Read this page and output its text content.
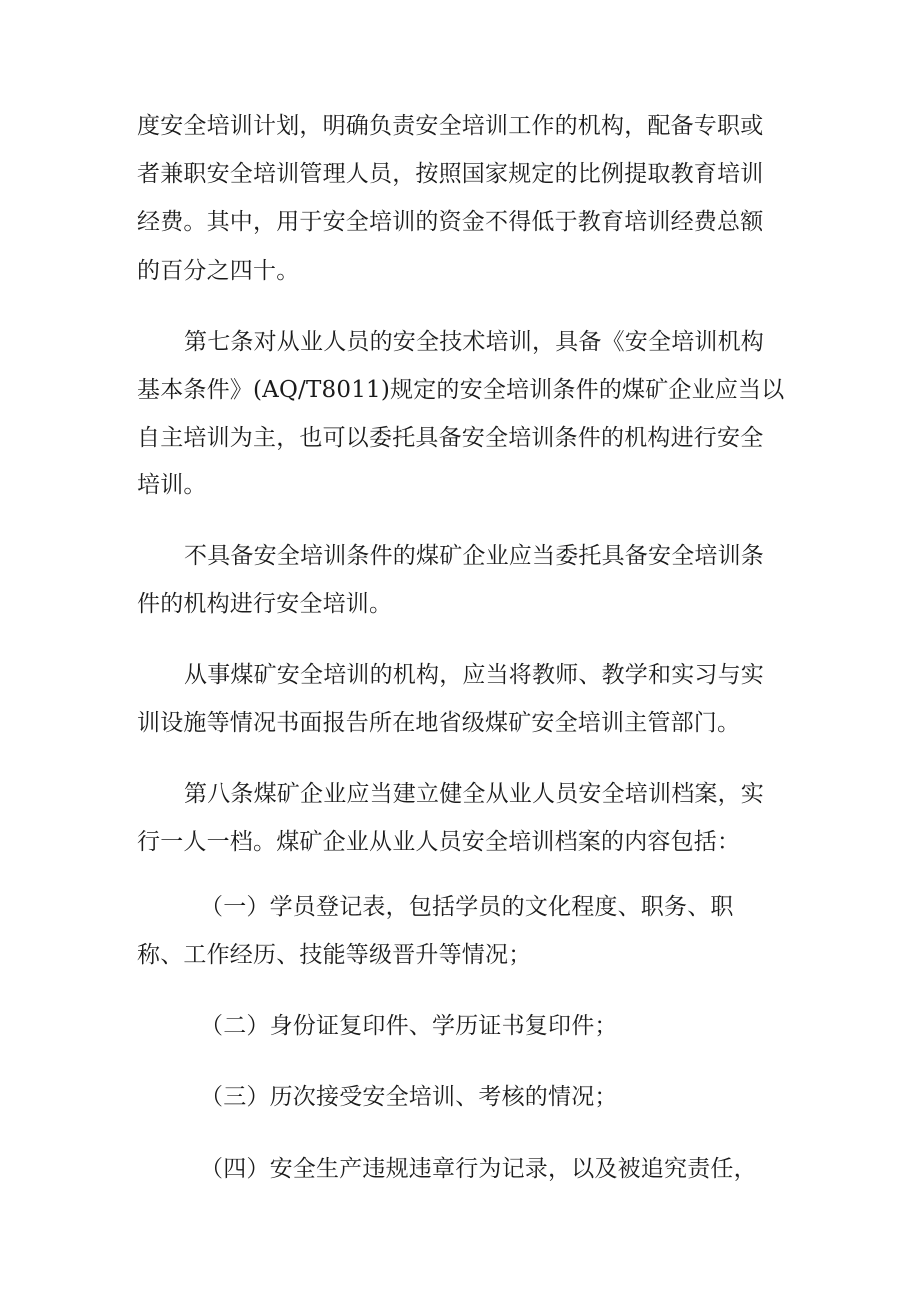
度安全培训计划，明确负责安全培训工作的机构，配备专职或
者兼职安全培训管理人员，按照国家规定的比例提取教育培训
经费。其中，用于安全培训的资金不得低于教育培训经费总额
的百分之四十。
第七条对从业人员的安全技术培训，具备《安全培训机构
基本条件》(AQ/T8011)规定的安全培训条件的煤矿企业应当以
自主培训为主，也可以委托具备安全培训条件的机构进行安全
培训。
不具备安全培训条件的煤矿企业应当委托具备安全培训条
件的机构进行安全培训。
从事煤矿安全培训的机构，应当将教师、教学和实习与实
训设施等情况书面报告所在地省级煤矿安全培训主管部门。
第八条煤矿企业应当建立健全从业人员安全培训档案，实
行一人一档。煤矿企业从业人员安全培训档案的内容包括：
（一）学员登记表，包括学员的文化程度、职务、职
称、工作经历、技能等级晋升等情况；
（二）身份证复印件、学历证书复印件；
（三）历次接受安全培训、考核的情况；
（四）安全生产违规违章行为记录，以及被追究责任，
